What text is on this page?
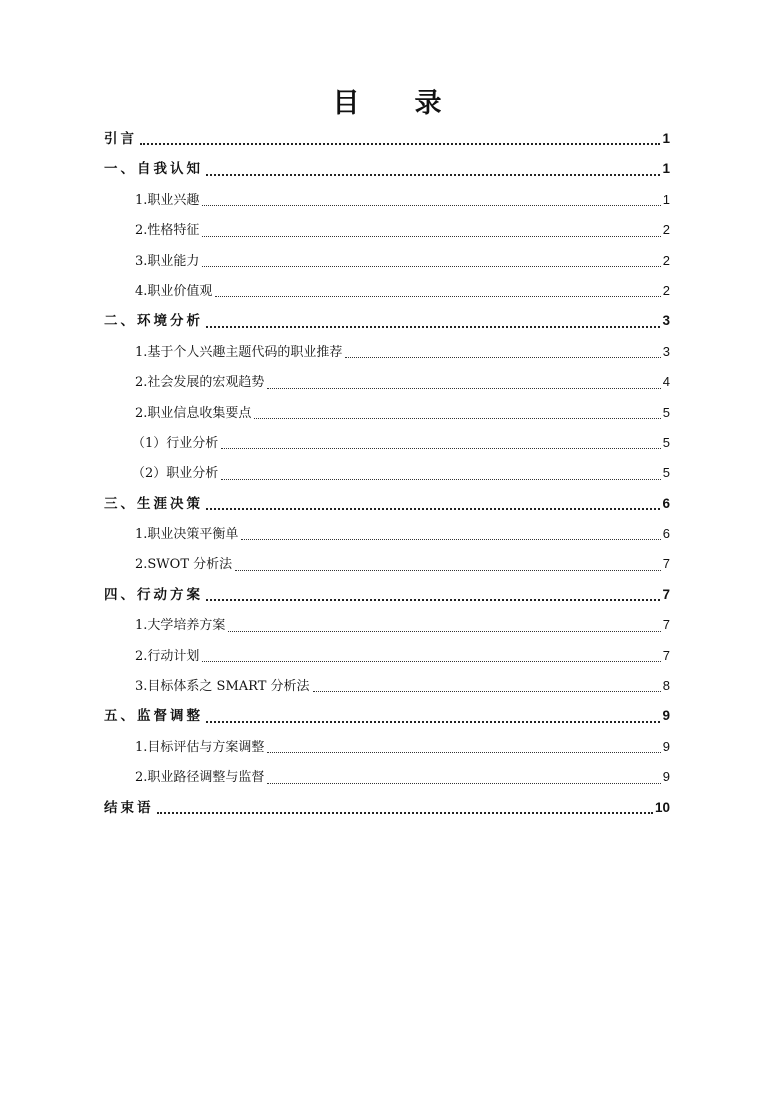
目　录
引言	1
一、自我认知	1
1.职业兴趣	1
2.性格特征	2
3.职业能力	2
4.职业价值观	2
二、环境分析	3
1.基于个人兴趣主题代码的职业推荐	3
2.社会发展的宏观趋势	4
2.职业信息收集要点	5
（1）行业分析	5
（2）职业分析	5
三、生涯决策	6
1.职业决策平衡单	6
2.SWOT 分析法	7
四、行动方案	7
1.大学培养方案	7
2.行动计划	7
3.目标体系之 SMART 分析法	8
五、监督调整	9
1.目标评估与方案调整	9
2.职业路径调整与监督	9
结束语	10
